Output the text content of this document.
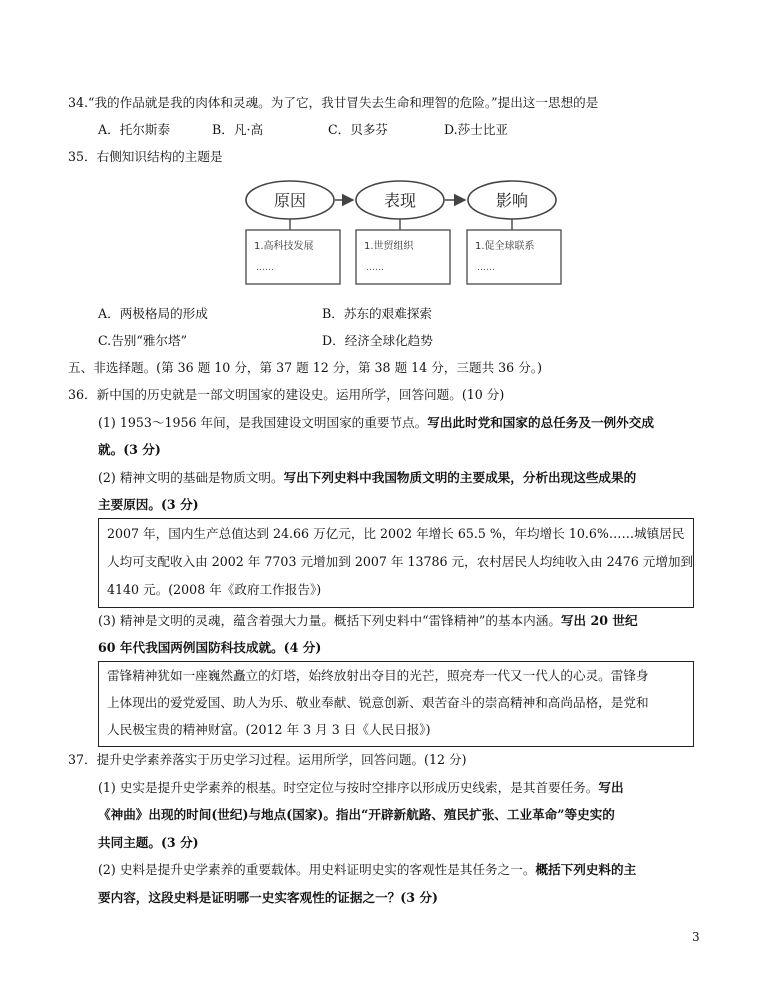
34.“我的作品就是我的肉体和灵魂。为了它，我甘冒失去生命和理智的危险。”提出这一思想的是
A．托尔斯泰	B．凡·高	C．贝多芬	D.莎士比亚
35．右侧知识结构的主题是
原因	表现	影响
1.高科技发展	1.世贸组织	1.促全球联系
……	……	……
A．两极格局的形成	B．苏东的艰难探索
C.告别“雅尔塔”	D．经济全球化趋势
五、非选择题。(第 36 题 10 分，第 37 题 12 分，第 38 题 14 分，三题共 36 分。)
36．新中国的历史就是一部文明国家的建设史。运用所学，回答问题。(10 分)
(1) 1953～1956 年间，是我国建设文明国家的重要节点。写出此时党和国家的总任务及一例外交成
就。(3 分)
(2) 精神文明的基础是物质文明。写出下列史料中我国物质文明的主要成果，分析出现这些成果的
主要原因。(3 分)
2007 年，国内生产总值达到 24.66 万亿元，比 2002 年增长 65.5 %，年均增长 10.6%……城镇居民
人均可支配收入由 2002 年 7703 元增加到 2007 年 13786 元，农村居民人均纯收入由 2476 元增加到
4140 元。(2008 年《政府工作报告》)
(3) 精神是文明的灵魂，蕴含着强大力量。概括下列史料中“雷锋精神”的基本内涵。写出 20 世纪
60 年代我国两例国防科技成就。(4 分)
雷锋精神犹如一座巍然矗立的灯塔，始终放射出夺目的光芒，照亮寿一代又一代人的心灵。雷锋身
上体现出的爱党爱国、助人为乐、敬业奉献、锐意创新、艰苦奋斗的崇高精神和高尚品格，是党和
人民极宝贵的精神财富。(2012 年 3 月 3 日《人民日报》)
37．提升史学素养落实于历史学习过程。运用所学，回答问题。(12 分)
(1) 史实是提升史学素养的根基。时空定位与按时空排序以形成历史线索，是其首要任务。写出
《神曲》出现的时间(世纪)与地点(国家)。指出“开辟新航路、殖民扩张、工业革命”等史实的
共同主题。(3 分)
(2) 史料是提升史学素养的重要载体。用史料证明史实的客观性是其任务之一。概括下列史料的主
要内容，这段史料是证明哪一史实客观性的证据之一？(3 分)
3
